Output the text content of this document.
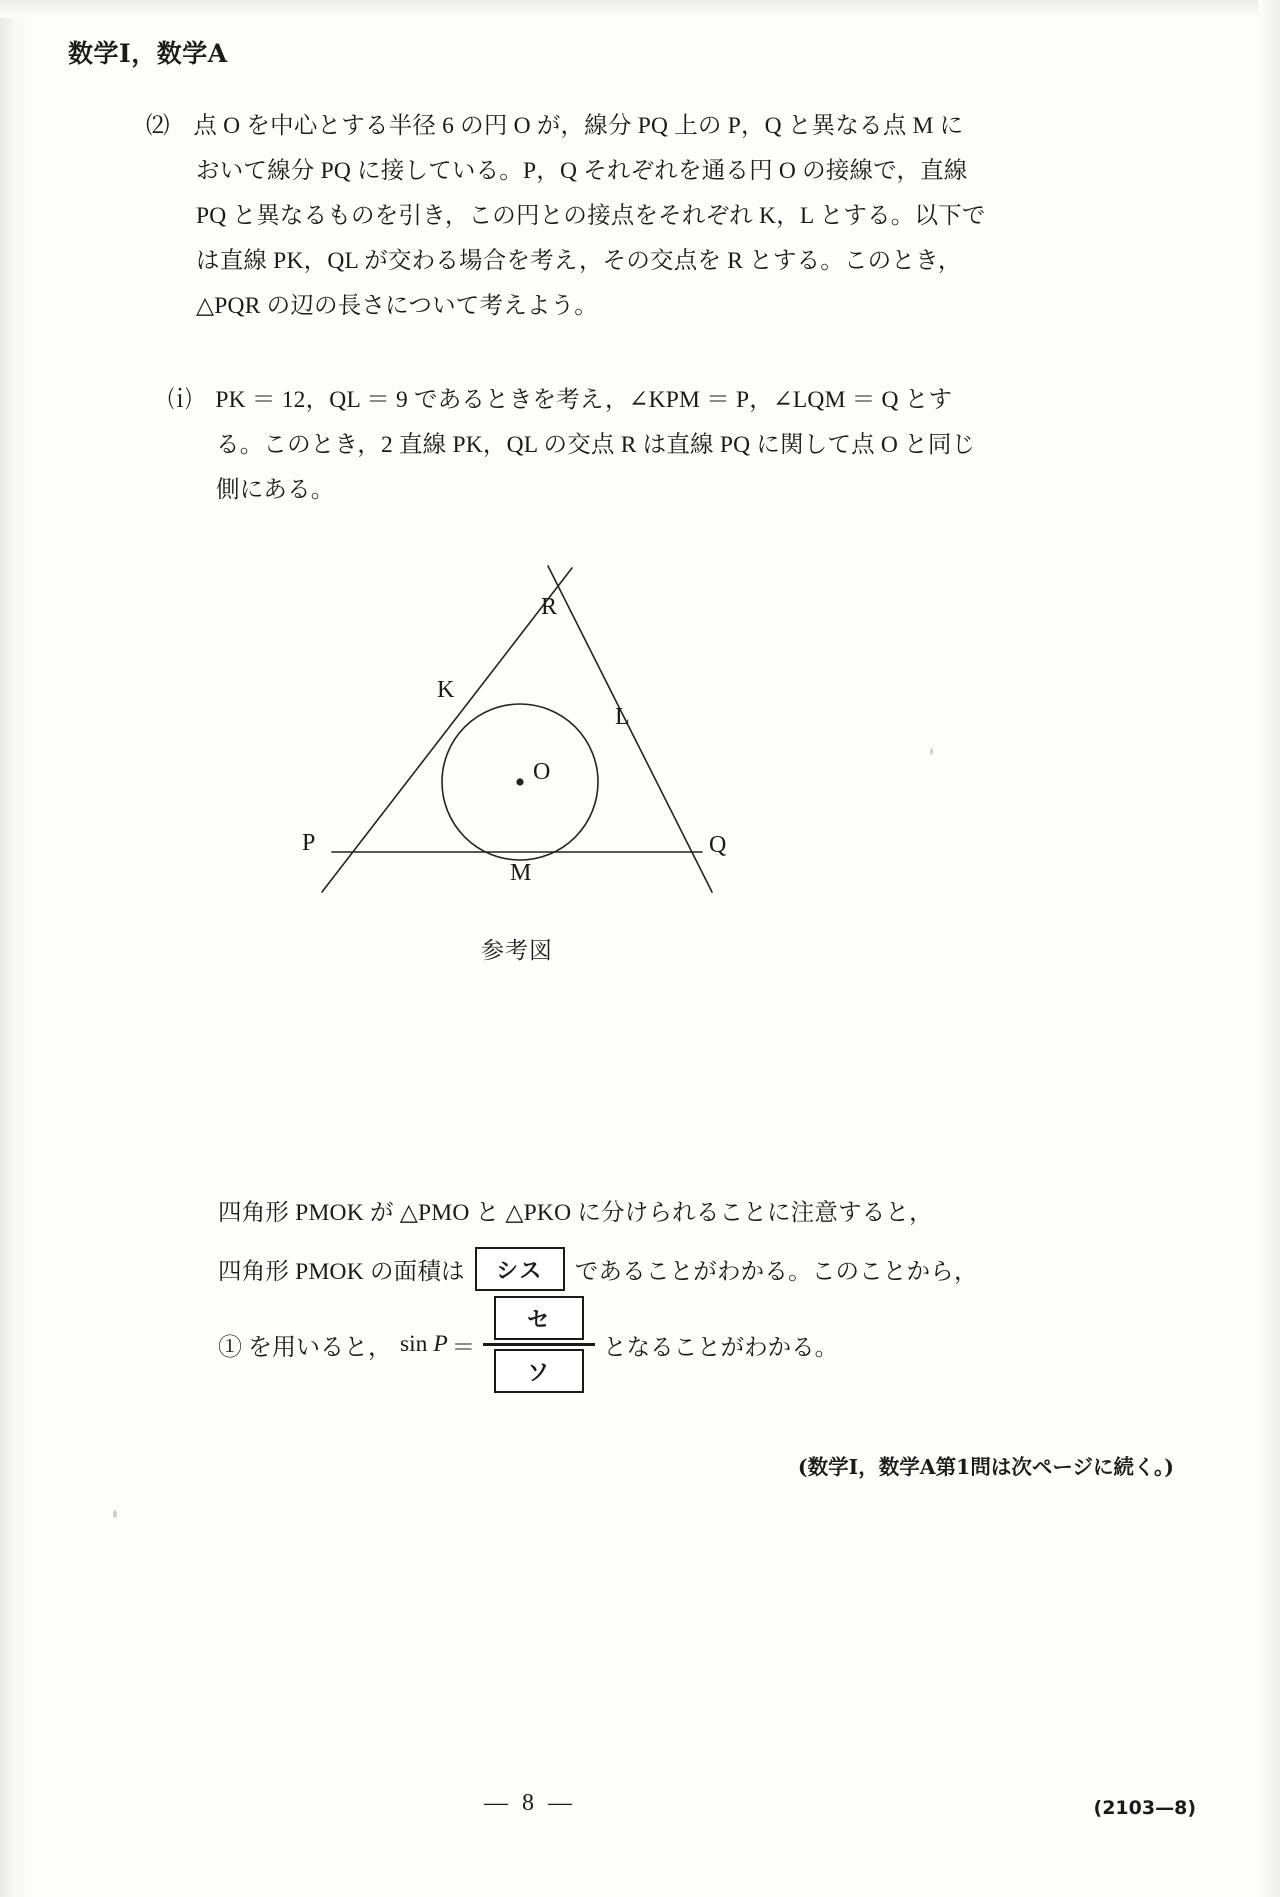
数学Ⅰ，数学A
⑵　点 O を中心とする半径 6 の円 O が，線分 PQ 上の P，Q と異なる点 M に
おいて線分 PQ に接している。P，Q それぞれを通る円 O の接線で，直線
PQ と異なるものを引き，この円との接点をそれぞれ K，L とする。以下で
は直線 PK，QL が交わる場合を考え，その交点を R とする。このとき，
△PQR の辺の長さについて考えよう。
⒤　PK ＝ 12，QL ＝ 9 であるときを考え，∠KPM ＝ P，∠LQM ＝ Q とす
る。このとき，2 直線 PK，QL の交点 R は直線 PQ に関して点 O と同じ
側にある。
R
K
L
O
P	Q
M
参考図
四角形 PMOK が △PMO と △PKO に分けられることに注意すると，
四角形 PMOK の面積は	シス	であることがわかる。このことから，
① を用いると， $\sin P = \frac{\text{セ}}{\text{ソ}}$ となることがわかる。
(数学Ⅰ，数学A第1問は次ページに続く。)
— 8 —	(2103—8)
